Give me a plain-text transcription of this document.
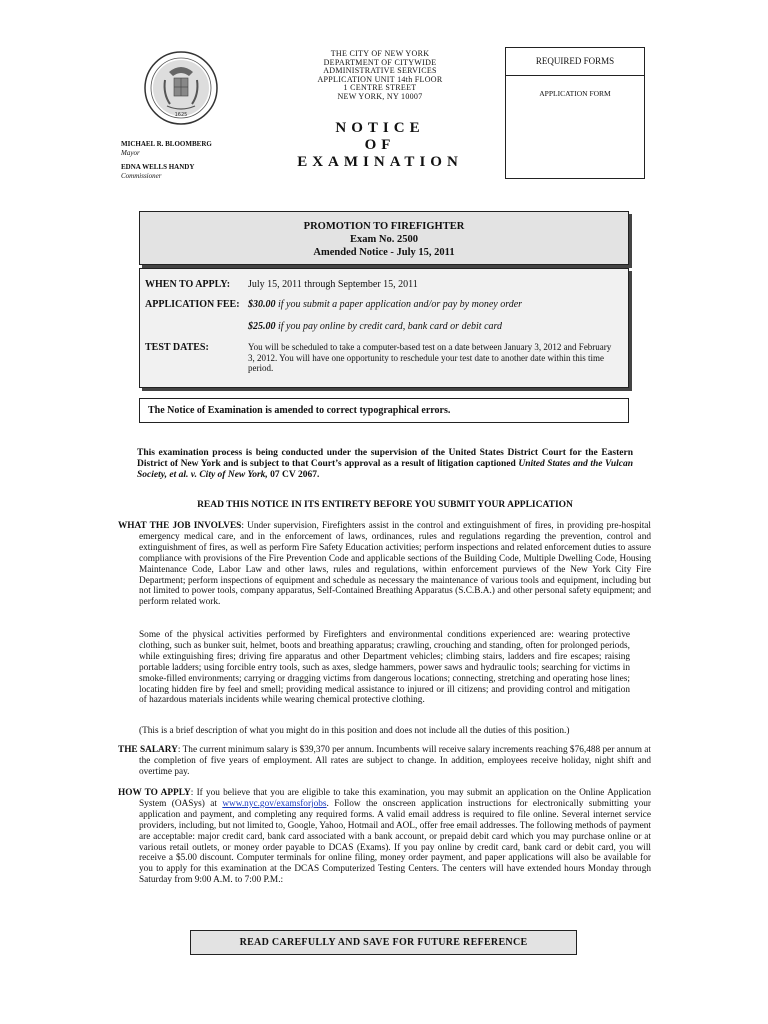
1625
MICHAEL R. BLOOMBERG
Mayor
EDNA WELLS HANDY
Commissioner
THE CITY OF NEW YORK
DEPARTMENT OF CITYWIDE
ADMINISTRATIVE SERVICES
APPLICATION UNIT 14th FLOOR
1 CENTRE STREET
NEW YORK, NY 10007
NOTICE
OF
EXAMINATION
REQUIRED FORMS
APPLICATION FORM
PROMOTION TO FIREFIGHTER
Exam No. 2500
Amended Notice - July 15, 2011
WHEN TO APPLY: July 15, 2011 through September 15, 2011
APPLICATION FEE: $30.00 if you submit a paper application and/or pay by money order
$25.00 if you pay online by credit card, bank card or debit card
TEST DATES:	You will be scheduled to take a computer-based test on a date between January 3, 2012 and February 3, 2012. You will have one opportunity to reschedule your test date to another date within this time period.
The Notice of Examination is amended to correct typographical errors.
This examination process is being conducted under the supervision of the United States District Court for the Eastern District of New York and is subject to that Court’s approval as a result of litigation captioned United States and the Vulcan Society, et al. v. City of New York, 07 CV 2067.
READ THIS NOTICE IN ITS ENTIRETY BEFORE YOU SUBMIT YOUR APPLICATION
WHAT THE JOB INVOLVES: Under supervision, Firefighters assist in the control and extinguishment of fires, in providing pre-hospital emergency medical care, and in the enforcement of laws, ordinances, rules and regulations regarding the prevention, control and extinguishment of fires, as well as perform Fire Safety Education activities; perform inspections and related enforcement duties to assure compliance with provisions of the Fire Prevention Code and applicable sections of the Building Code, Multiple Dwelling Code, Housing Maintenance Code, Labor Law and other laws, rules and regulations, within enforcement purviews of the New York City Fire Department; perform inspections of equipment and schedule as necessary the maintenance of various tools and equipment, including but not limited to power tools, company apparatus, Self-Contained Breathing Apparatus (S.C.B.A.) and other personal safety equipment; and perform related work.
Some of the physical activities performed by Firefighters and environmental conditions experienced are: wearing protective clothing, such as bunker suit, helmet, boots and breathing apparatus; crawling, crouching and standing, often for prolonged periods, while extinguishing fires; driving fire apparatus and other Department vehicles; climbing stairs, ladders and fire escapes; raising portable ladders; using forcible entry tools, such as axes, sledge hammers, power saws and hydraulic tools; searching for victims in smoke-filled environments; carrying or dragging victims from dangerous locations; connecting, stretching and operating hose lines; locating hidden fire by feel and smell; providing medical assistance to injured or ill citizens; and providing control and mitigation of hazardous materials incidents while wearing chemical protective clothing.
(This is a brief description of what you might do in this position and does not include all the duties of this position.)
THE SALARY: The current minimum salary is $39,370 per annum. Incumbents will receive salary increments reaching $76,488 per annum at the completion of five years of employment. All rates are subject to change. In addition, employees receive holiday, night shift and overtime pay.
HOW TO APPLY: If you believe that you are eligible to take this examination, you may submit an application on the Online Application System (OASys) at www.nyc.gov/examsforjobs. Follow the onscreen application instructions for electronically submitting your application and payment, and completing any required forms. A valid email address is required to file online. Several internet service providers, including, but not limited to, Google, Yahoo, Hotmail and AOL, offer free email addresses. The following methods of payment are acceptable: major credit card, bank card associated with a bank account, or prepaid debit card which you may purchase online or at various retail outlets, or money order payable to DCAS (Exams). If you pay online by credit card, bank card or debit card, you will receive a $5.00 discount. Computer terminals for online filing, money order payment, and paper applications will also be available for you to apply for this examination at the DCAS Computerized Testing Centers. The centers will have extended hours Monday through Saturday from 9:00 A.M. to 7:00 P.M.:
READ CAREFULLY AND SAVE FOR FUTURE REFERENCE
